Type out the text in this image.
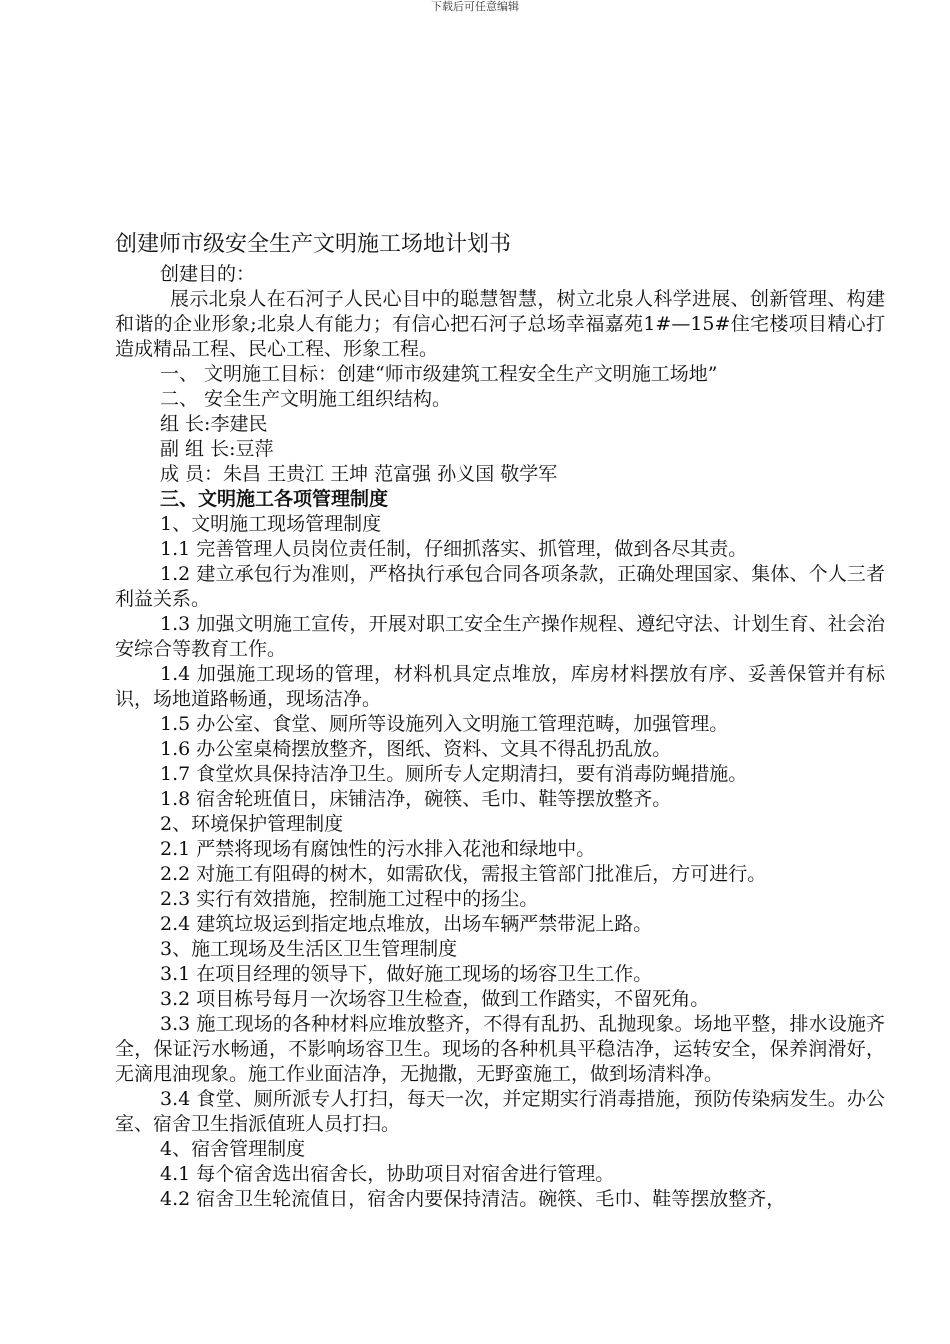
下载后可任意编辑
创建师市级安全生产文明施工场地计划书

创建目的：

展示北泉人在石河子人民心目中的聪慧智慧，树立北泉人科学进展、创新管理、构建和谐的企业形象;北泉人有能力；有信心把石河子总场幸福嘉苑1#—15#住宅楼项目精心打造成精品工程、民心工程、形象工程。

一、 文明施工目标：创建“师市级建筑工程安全生产文明施工场地”

二、 安全生产文明施工组织结构。

组 长:李建民

副 组 长:豆萍

成 员：朱昌 王贵江 王坤 范富强 孙义国 敬学军

三、文明施工各项管理制度

1、文明施工现场管理制度

1.1 完善管理人员岗位责任制，仔细抓落实、抓管理，做到各尽其责。

1.2 建立承包行为准则，严格执行承包合同各项条款，正确处理国家、集体、个人三者利益关系。

1.3 加强文明施工宣传，开展对职工安全生产操作规程、遵纪守法、计划生育、社会治安综合等教育工作。

1.4 加强施工现场的管理，材料机具定点堆放，库房材料摆放有序、妥善保管并有标识，场地道路畅通，现场洁净。

1.5 办公室、食堂、厕所等设施列入文明施工管理范畴，加强管理。

1.6 办公室桌椅摆放整齐，图纸、资料、文具不得乱扔乱放。

1.7 食堂炊具保持洁净卫生。厕所专人定期清扫，要有消毒防蝇措施。

1.8 宿舍轮班值日，床铺洁净，碗筷、毛巾、鞋等摆放整齐。

2、环境保护管理制度

2.1 严禁将现场有腐蚀性的污水排入花池和绿地中。

2.2 对施工有阻碍的树木，如需砍伐，需报主管部门批准后，方可进行。

2.3 实行有效措施，控制施工过程中的扬尘。

2.4 建筑垃圾运到指定地点堆放，出场车辆严禁带泥上路。

3、施工现场及生活区卫生管理制度

3.1 在项目经理的领导下，做好施工现场的场容卫生工作。

3.2 项目栋号每月一次场容卫生检查，做到工作踏实，不留死角。

3.3 施工现场的各种材料应堆放整齐，不得有乱扔、乱抛现象。场地平整，排水设施齐全，保证污水畅通，不影响场容卫生。现场的各种机具平稳洁净，运转安全，保养润滑好，无滴甩油现象。施工作业面洁净，无抛撒，无野蛮施工，做到场清料净。

3.4 食堂、厕所派专人打扫，每天一次，并定期实行消毒措施，预防传染病发生。办公室、宿舍卫生指派值班人员打扫。

4、宿舍管理制度

4.1 每个宿舍选出宿舍长，协助项目对宿舍进行管理。

4.2 宿舍卫生轮流值日，宿舍内要保持清洁。碗筷、毛巾、鞋等摆放整齐，
